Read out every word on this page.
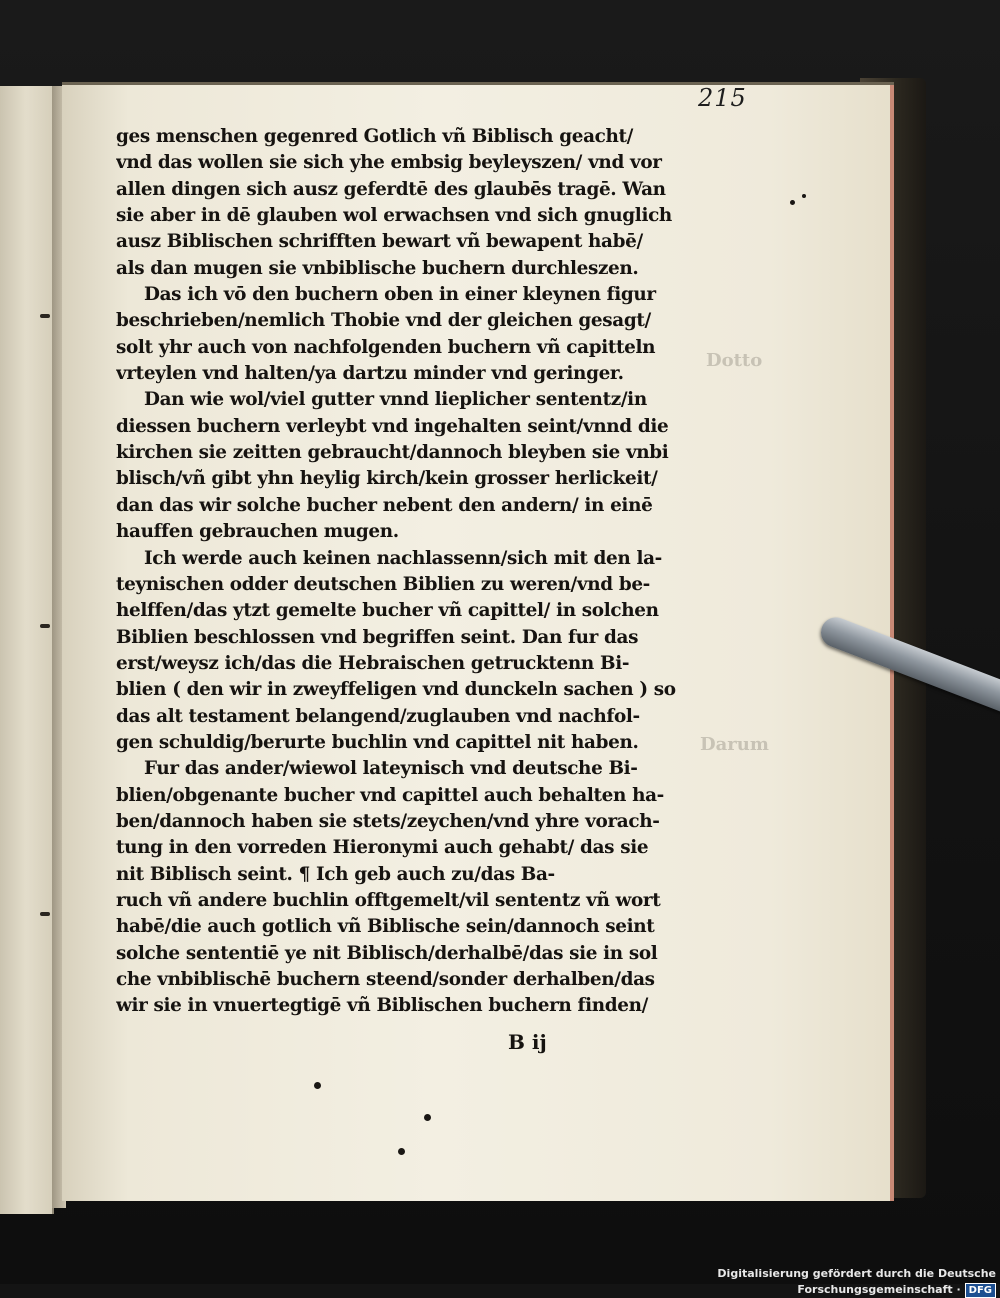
Dotto
Darum
215
ges menschen gegenred Gotlich vñ Biblisch geacht/
vnd das wollen sie sich yhe embsig beyleyszen/ vnd vor
allen dingen sich ausz geferdtē des glaubēs tragē. Wan
sie aber in dē glauben wol erwachsen vnd sich gnuglich
ausz Biblischen schrifften bewart vñ bewapent habē/
als dan mugen sie vnbiblische buchern durchleszen.
Das ich vō den buchern oben in einer kleynen figur
beschrieben/nemlich Thobie vnd der gleichen gesagt/
solt yhr auch von nachfolgenden buchern vñ capitteln
vrteylen vnd halten/ya dartzu minder vnd geringer.
Dan wie wol/viel gutter vnnd lieplicher sententz/in
diessen buchern verleybt vnd ingehalten seint/vnnd die
kirchen sie zeitten gebraucht/dannoch bleyben sie vnbi
blisch/vñ gibt yhn heylig kirch/kein grosser herlickeit/
dan das wir solche bucher nebent den andern/ in einē
hauffen gebrauchen mugen.
Ich werde auch keinen nachlassenn/sich mit den la-
teynischen odder deutschen Biblien zu weren/vnd be-
helffen/das ytzt gemelte bucher vñ capittel/ in solchen
Biblien beschlossen vnd begriffen seint. Dan fur das
erst/weysz ich/das die Hebraischen getrucktenn Bi-
blien ( den wir in zweyffeligen vnd dunckeln sachen ) so
das alt testament belangend/zuglauben vnd nachfol-
gen schuldig/berurte buchlin vnd capittel nit haben.
Fur das ander/wiewol lateynisch vnd deutsche Bi-
blien/obgenante bucher vnd capittel auch behalten ha-
ben/dannoch haben sie stets/zeychen/vnd yhre vorach-
tung in den vorreden Hieronymi auch gehabt/ das sie
nit Biblisch seint. ¶ Ich geb auch zu/das Ba-
ruch vñ andere buchlin offtgemelt/vil sententz vñ wort
habē/die auch gotlich vñ Biblische sein/dannoch seint
solche sententiē ye nit Biblisch/derhalbē/das sie in sol
che vnbiblischē buchern steend/sonder derhalben/das
wir sie in vnuertegtigē vñ Biblischen buchern finden/
B ij
Digitalisierung gefördert durch die Deutsche Forschungsgemeinschaft · DFG
